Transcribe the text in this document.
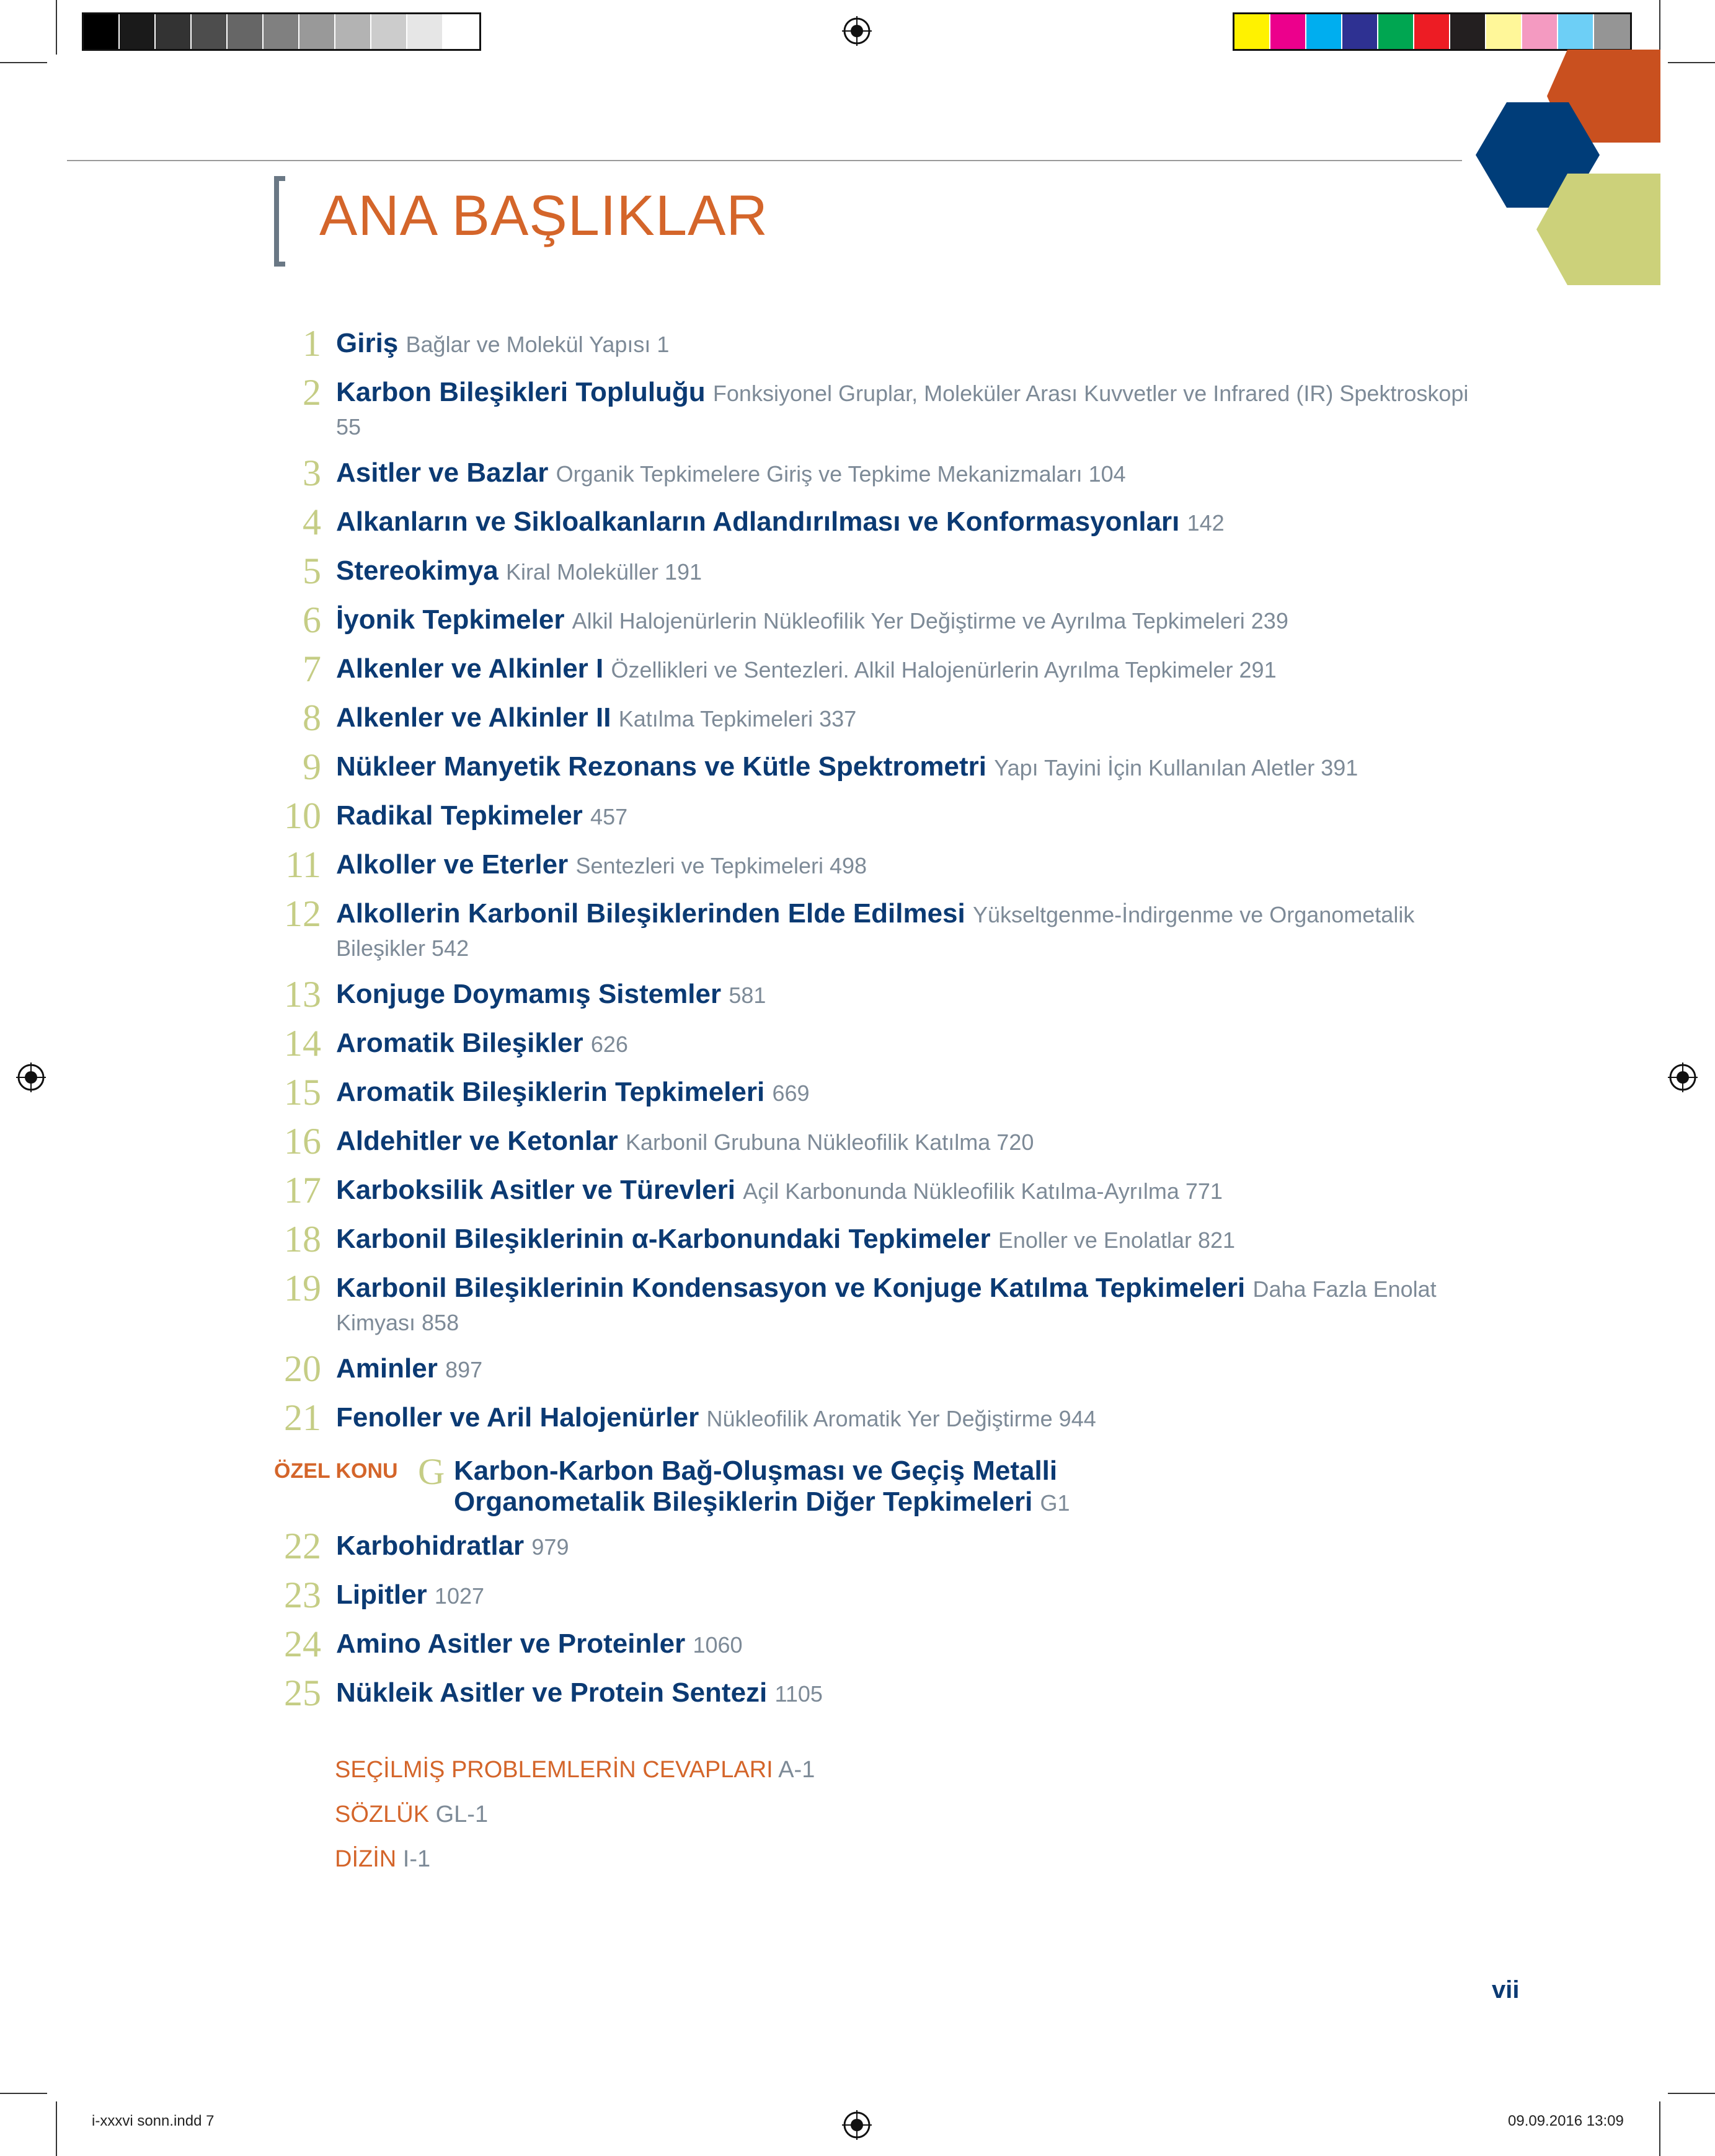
ANA BAŞLIKLAR
1 Giriş Bağlar ve Molekül Yapısı 1
2 Karbon Bileşikleri Topluluğu Fonksiyonel Gruplar, Moleküler Arası Kuvvetler ve Infrared (IR) Spektroskopi
55
3 Asitler ve Bazlar Organik Tepkimelere Giriş ve Tepkime Mekanizmaları 104
4 Alkanların ve Sikloalkanların Adlandırılması ve Konformasyonları 142
5 Stereokimya Kiral Moleküller 191
6 İyonik Tepkimeler Alkil Halojenürlerin Nükleofilik Yer Değiştirme ve Ayrılma Tepkimeleri 239
7 Alkenler ve Alkinler I Özellikleri ve Sentezleri. Alkil Halojenürlerin Ayrılma Tepkimeler 291
8 Alkenler ve Alkinler II Katılma Tepkimeleri 337
9 Nükleer Manyetik Rezonans ve Kütle Spektrometri Yapı Tayini İçin Kullanılan Aletler 391
10 Radikal Tepkimeler 457
11 Alkoller ve Eterler Sentezleri ve Tepkimeleri 498
12 Alkollerin Karbonil Bileşiklerinden Elde Edilmesi Yükseltgenme-İndirgenme ve Organometalik
Bileşikler 542
13 Konjuge Doymamış Sistemler 581
14 Aromatik Bileşikler 626
15 Aromatik Bileşiklerin Tepkimeleri 669
16 Aldehitler ve Ketonlar Karbonil Grubuna Nükleofilik Katılma 720
17 Karboksilik Asitler ve Türevleri Açil Karbonunda Nükleofilik Katılma-Ayrılma 771
18 Karbonil Bileşiklerinin α-Karbonundaki Tepkimeler Enoller ve Enolatlar 821
19 Karbonil Bileşiklerinin Kondensasyon ve Konjuge Katılma Tepkimeleri Daha Fazla Enolat
Kimyası 858
20 Aminler 897
21 Fenoller ve Aril Halojenürler Nükleofilik Aromatik Yer Değiştirme 944
ÖZEL KONU G Karbon-Karbon Bağ-Oluşması ve Geçiş Metalli
Organometalik Bileşiklerin Diğer Tepkimeleri G1
22 Karbohidratlar 979
23 Lipitler 1027
24 Amino Asitler ve Proteinler 1060
25 Nükleik Asitler ve Protein Sentezi 1105
SEÇİLMİŞ PROBLEMLERİN CEVAPLARI A-1
SÖZLÜK GL-1
DİZİN I-1
vii
i-xxxvi sonn.indd 7	09.09.2016 13:09
